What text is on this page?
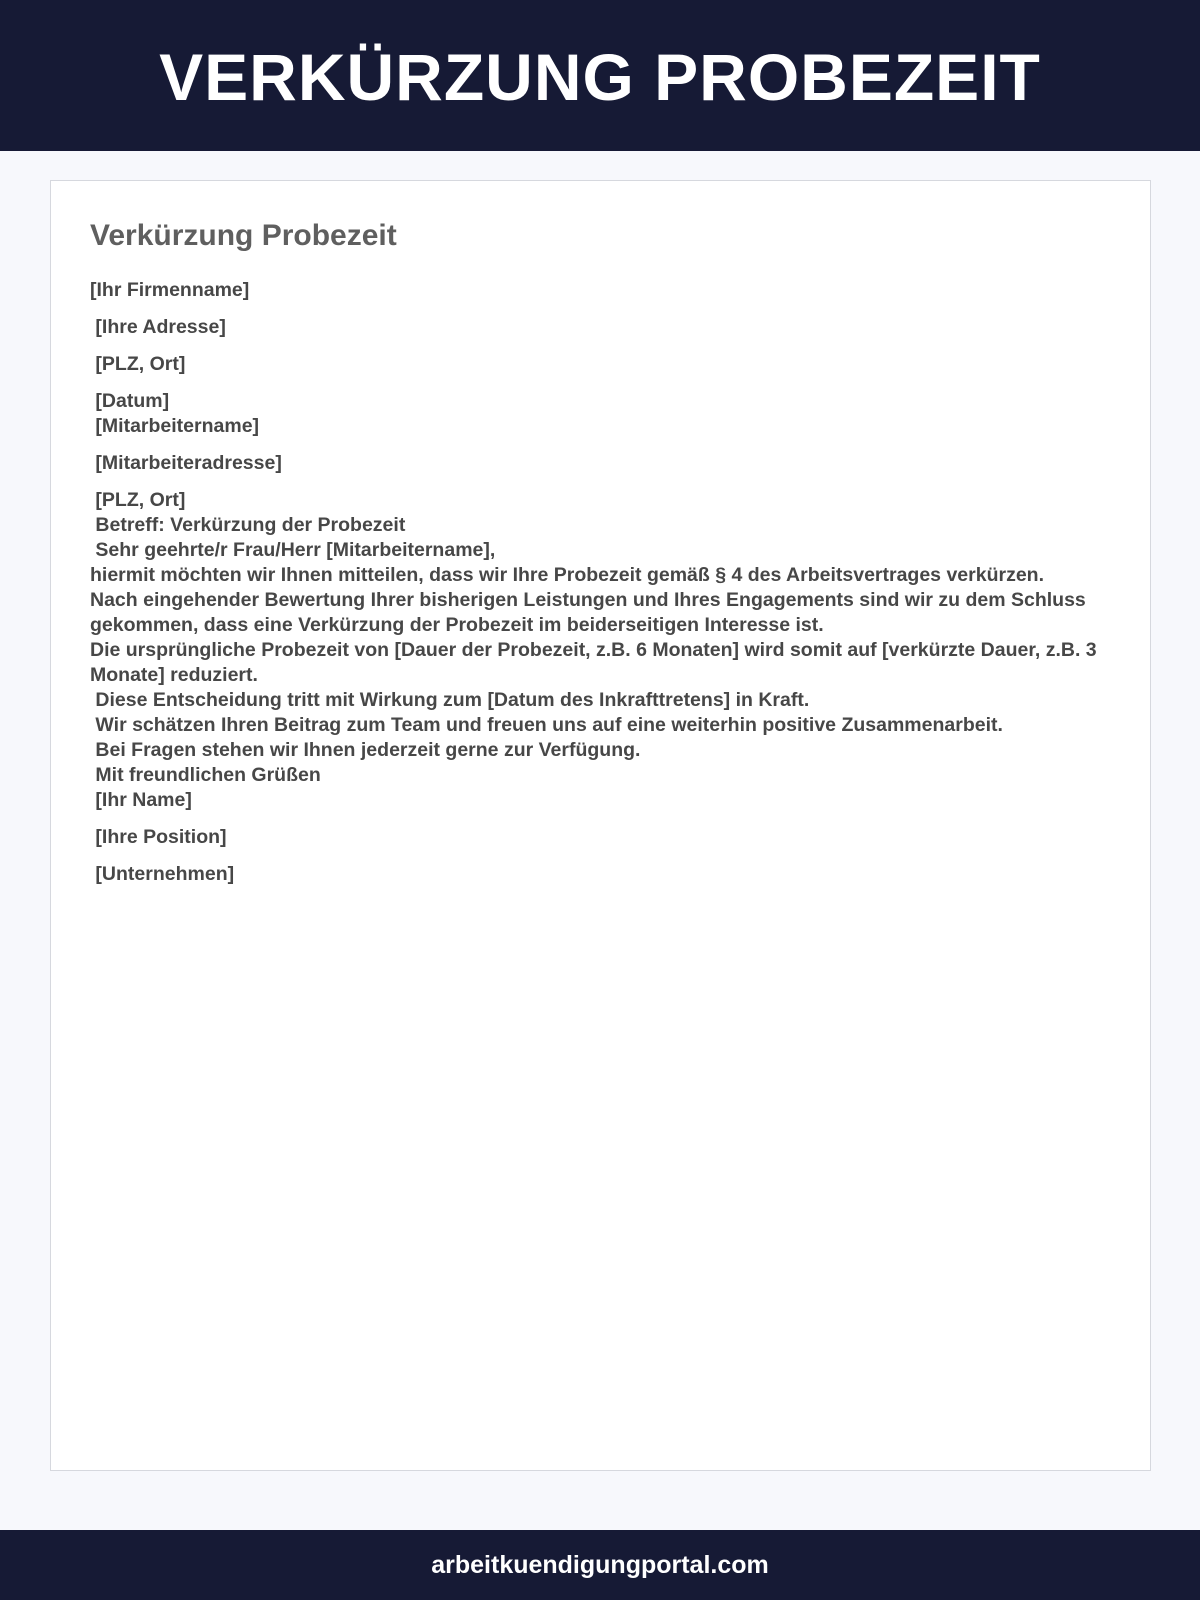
VERKÜRZUNG PROBEZEIT
Verkürzung Probezeit

[Ihr Firmenname]

[Ihre Adresse]

[PLZ, Ort]

[Datum]

[Mitarbeitername]

[Mitarbeiteradresse]

[PLZ, Ort]

Betreff: Verkürzung der Probezeit

Sehr geehrte/r Frau/Herr [Mitarbeitername],

hiermit möchten wir Ihnen mitteilen, dass wir Ihre Probezeit gemäß § 4 des Arbeitsvertrages verkürzen.

Nach eingehender Bewertung Ihrer bisherigen Leistungen und Ihres Engagements sind wir zu dem Schluss gekommen, dass eine Verkürzung der Probezeit im beiderseitigen Interesse ist.

Die ursprüngliche Probezeit von [Dauer der Probezeit, z.B. 6 Monaten] wird somit auf [verkürzte Dauer, z.B. 3 Monate] reduziert.

Diese Entscheidung tritt mit Wirkung zum [Datum des Inkrafttretens] in Kraft.

Wir schätzen Ihren Beitrag zum Team und freuen uns auf eine weiterhin positive Zusammenarbeit.

Bei Fragen stehen wir Ihnen jederzeit gerne zur Verfügung.

Mit freundlichen Grüßen

[Ihr Name]

[Ihre Position]

[Unternehmen]

arbeitkuendigungportal.com
